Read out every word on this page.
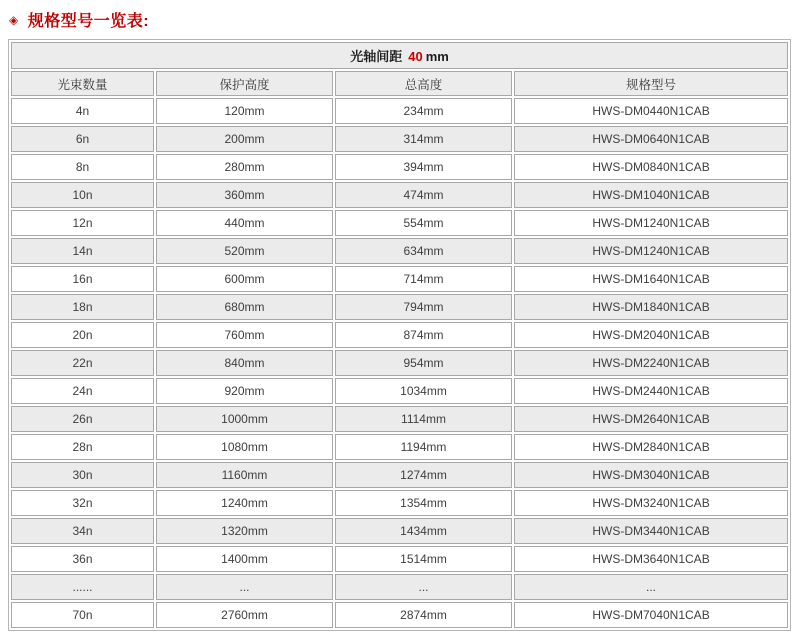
◈ 规格型号一览表:
光轴间距 40 mm			
光束数量	保护高度	总高度	规格型号
4n	120mm	234mm	HWS-DM0440N1CAB
6n	200mm	314mm	HWS-DM0640N1CAB
8n	280mm	394mm	HWS-DM0840N1CAB
10n	360mm	474mm	HWS-DM1040N1CAB
12n	440mm	554mm	HWS-DM1240N1CAB
14n	520mm	634mm	HWS-DM1240N1CAB
16n	600mm	714mm	HWS-DM1640N1CAB
18n	680mm	794mm	HWS-DM1840N1CAB
20n	760mm	874mm	HWS-DM2040N1CAB
22n	840mm	954mm	HWS-DM2240N1CAB
24n	920mm	1034mm	HWS-DM2440N1CAB
26n	1000mm	1114mm	HWS-DM2640N1CAB
28n	1080mm	1194mm	HWS-DM2840N1CAB
30n	1160mm	1274mm	HWS-DM3040N1CAB
32n	1240mm	1354mm	HWS-DM3240N1CAB
34n	1320mm	1434mm	HWS-DM3440N1CAB
36n	1400mm	1514mm	HWS-DM3640N1CAB
......	...	...	...
70n	2760mm	2874mm	HWS-DM7040N1CAB
